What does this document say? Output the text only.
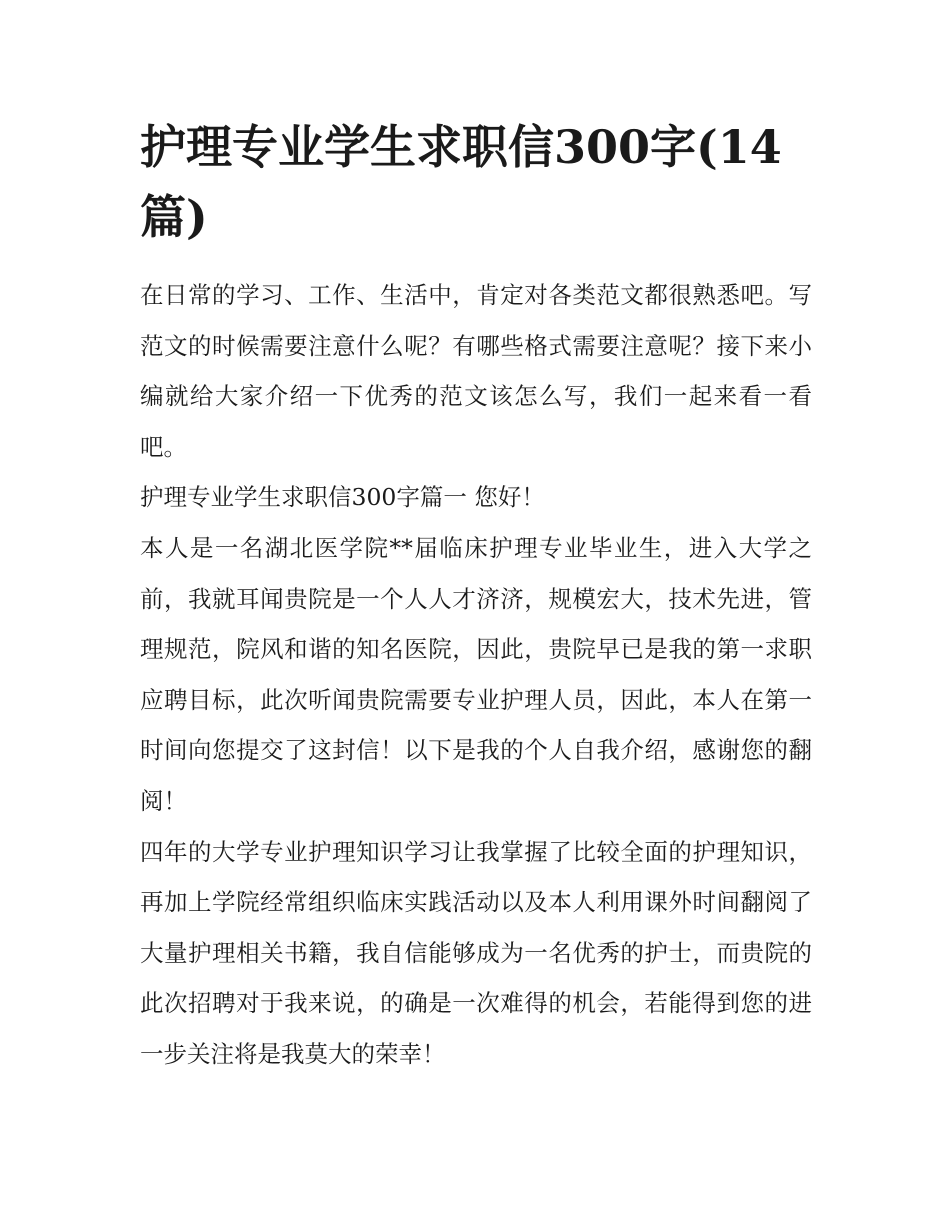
护理专业学生求职信300字(14篇)

在日常的学习、工作、生活中，肯定对各类范文都很熟悉吧。写范文的时候需要注意什么呢？有哪些格式需要注意呢？接下来小编就给大家介绍一下优秀的范文该怎么写，我们一起来看一看吧。

护理专业学生求职信300字篇一 您好！

本人是一名湖北医学院**届临床护理专业毕业生，进入大学之前，我就耳闻贵院是一个人人才济济，规模宏大，技术先进，管理规范，院风和谐的知名医院，因此，贵院早已是我的第一求职应聘目标，此次听闻贵院需要专业护理人员，因此，本人在第一时间向您提交了这封信！以下是我的个人自我介绍，感谢您的翻阅！

四年的大学专业护理知识学习让我掌握了比较全面的护理知识，再加上学院经常组织临床实践活动以及本人利用课外时间翻阅了大量护理相关书籍，我自信能够成为一名优秀的护士，而贵院的此次招聘对于我来说，的确是一次难得的机会，若能得到您的进一步关注将是我莫大的荣幸！
